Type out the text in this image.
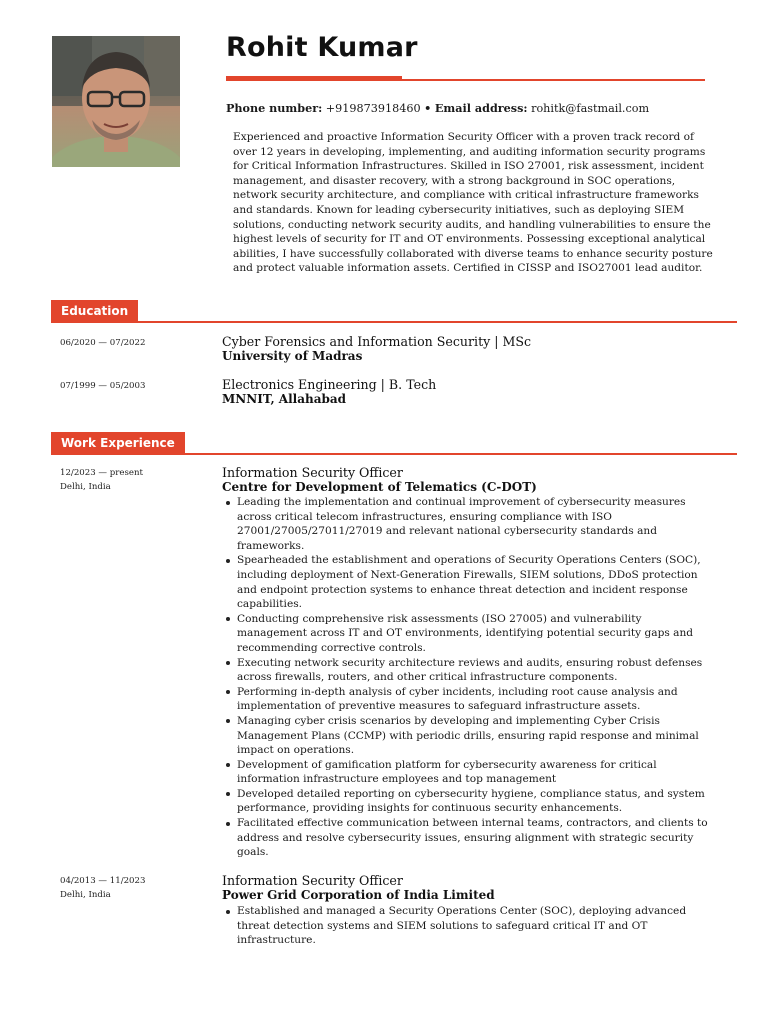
Rohit Kumar
Phone number: +919873918460 • Email address: rohitk@fastmail.com
Experienced and proactive Information Security Officer with a proven track record of over 12 years in developing, implementing, and auditing information security programs for Critical Information Infrastructures. Skilled in ISO 27001, risk assessment, incident management, and disaster recovery, with a strong background in SOC operations, network security architecture, and compliance with critical infrastructure frameworks and standards. Known for leading cybersecurity initiatives, such as deploying SIEM solutions, conducting network security audits, and handling vulnerabilities to ensure the highest levels of security for IT and OT environments. Possessing exceptional analytical abilities, I have successfully collaborated with diverse teams to enhance security posture and protect valuable information assets. Certified in CISSP and ISO27001 lead auditor.
Education
06/2020 — 07/2022	Cyber Forensics and Information Security | MSc
University of Madras
07/1999 — 05/2003	Electronics Engineering | B. Tech
MNNIT, Allahabad
Work Experience
12/2023 — present
Delhi, India
Information Security Officer
Centre for Development of Telematics (C-DOT)
Leading the implementation and continual improvement of cybersecurity measures across critical telecom infrastructures, ensuring compliance with ISO 27001/27005/27011/27019 and relevant national cybersecurity standards and frameworks.
Spearheaded the establishment and operations of Security Operations Centers (SOC), including deployment of Next-Generation Firewalls, SIEM solutions, DDoS protection and endpoint protection systems to enhance threat detection and incident response capabilities.
Conducting comprehensive risk assessments (ISO 27005) and vulnerability management across IT and OT environments, identifying potential security gaps and recommending corrective controls.
Executing network security architecture reviews and audits, ensuring robust defenses across firewalls, routers, and other critical infrastructure components.
Performing in-depth analysis of cyber incidents, including root cause analysis and implementation of preventive measures to safeguard infrastructure assets.
Managing cyber crisis scenarios by developing and implementing Cyber Crisis Management Plans (CCMP) with periodic drills, ensuring rapid response and minimal impact on operations.
Development of gamification platform for cybersecurity awareness for critical information infrastructure employees and top management
Developed detailed reporting on cybersecurity hygiene, compliance status, and system performance, providing insights for continuous security enhancements.
Facilitated effective communication between internal teams, contractors, and clients to address and resolve cybersecurity issues, ensuring alignment with strategic security goals.
04/2013 — 11/2023
Delhi, India
Information Security Officer
Power Grid Corporation of India Limited
Established and managed a Security Operations Center (SOC), deploying advanced threat detection systems and SIEM solutions to safeguard critical IT and OT infrastructure.
